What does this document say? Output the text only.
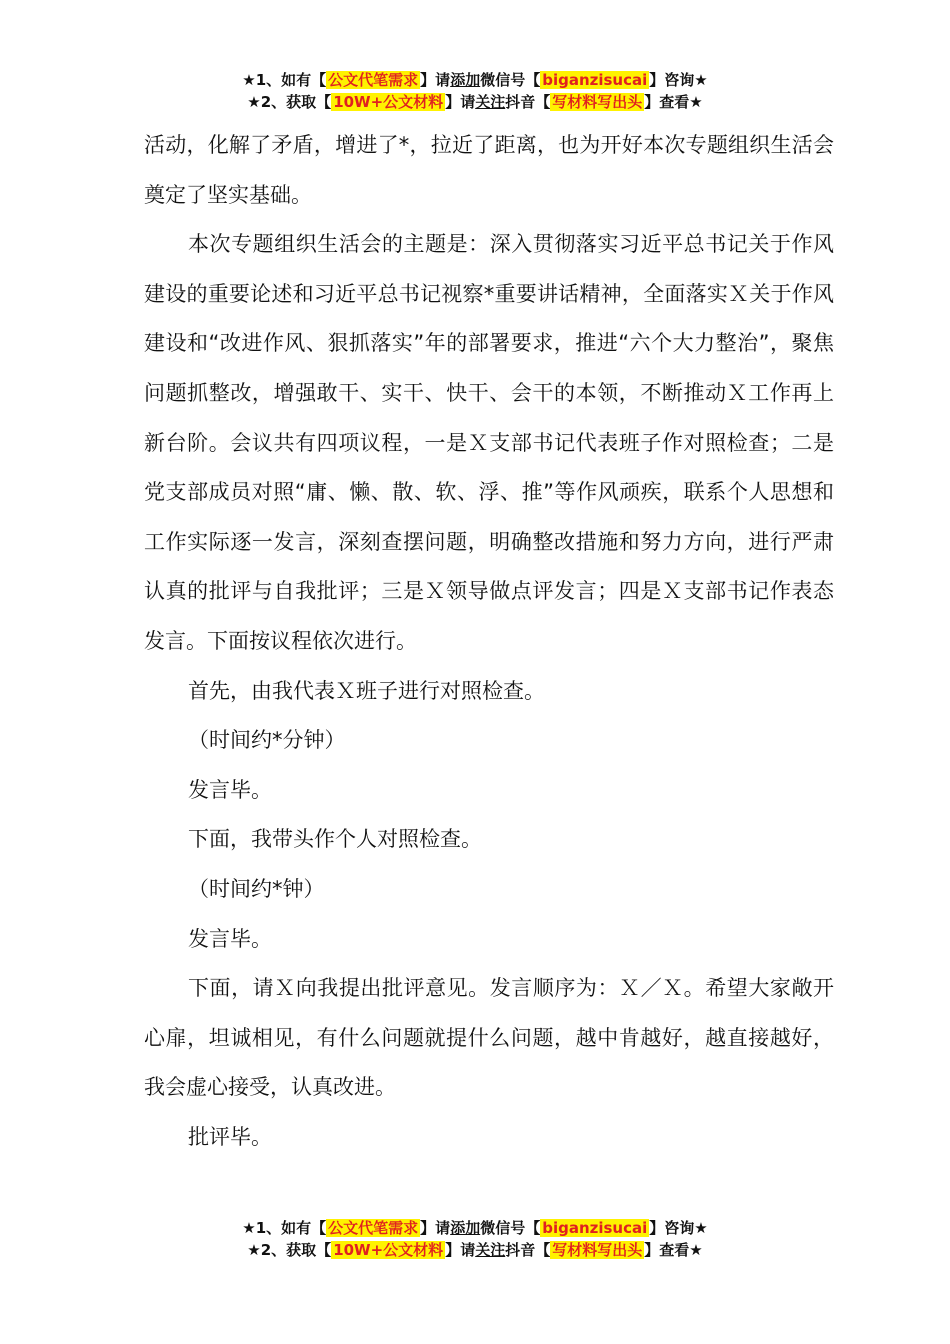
★1、如有【 公文代笔需求 】请添加微信号【 biganzisucai 】咨询★
★2、获取【 10W+公文材料 】请关注抖音【 写材料写出头 】查看★

活动，化解了矛盾，增进了*，拉近了距离，也为开好本次专题组织生活会奠定了坚实基础。

本次专题组织生活会的主题是：深入贯彻落实习近平总书记关于作风建设的重要论述和习近平总书记视察*重要讲话精神，全面落实Ｘ关于作风建设和“改进作风、狠抓落实”年的部署要求，推进“六个大力整治”，聚焦问题抓整改，增强敢干、实干、快干、会干的本领，不断推动Ｘ工作再上新台阶。会议共有四项议程，一是Ｘ支部书记代表班子作对照检查；二是党支部成员对照“庸、懒、散、软、浮、推”等作风顽疾，联系个人思想和工作实际逐一发言，深刻查摆问题，明确整改措施和努力方向，进行严肃认真的批评与自我批评；三是Ｘ领导做点评发言；四是Ｘ支部书记作表态发言。下面按议程依次进行。

首先，由我代表Ｘ班子进行对照检查。

（时间约*分钟）

发言毕。

下面，我带头作个人对照检查。

（时间约*钟）

发言毕。

下面，请Ｘ向我提出批评意见。发言顺序为：Ｘ／Ｘ。希望大家敞开心扉，坦诚相见，有什么问题就提什么问题，越中肯越好，越直接越好，我会虚心接受，认真改进。

批评毕。

★1、如有【 公文代笔需求 】请添加微信号【 biganzisucai 】咨询★
★2、获取【 10W+公文材料 】请关注抖音【 写材料写出头 】查看★
